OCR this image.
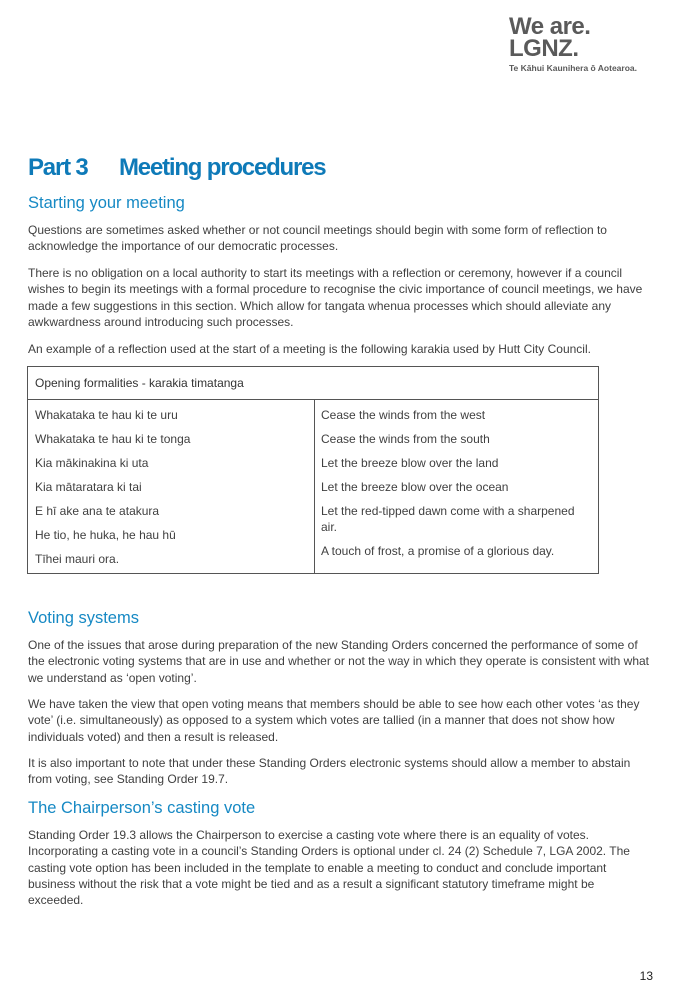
We are.
LGNZ.
Te Kāhui Kaunihera ō Aotearoa.
Part 3 Meeting procedures
Starting your meeting

Questions are sometimes asked whether or not council meetings should begin with some form of reflection to acknowledge the importance of our democratic processes.

There is no obligation on a local authority to start its meetings with a reflection or ceremony, however if a council wishes to begin its meetings with a formal procedure to recognise the civic importance of council meetings, we have made a few suggestions in this section. Which allow for tangata whenua processes which should alleviate any awkwardness around introducing such processes.

An example of a reflection used at the start of a meeting is the following karakia used by Hutt City Council.

Opening formalities - karakia timatanga
Whakataka te hau ki te uru
Whakataka te hau ki te tonga
Kia mākinakina ki uta
Kia mātaratara ki tai
E hī ake ana te atakura
He tio, he huka, he hau hū
Tīhei mauri ora.
Cease the winds from the west
Cease the winds from the south
Let the breeze blow over the land
Let the breeze blow over the ocean
Let the red-tipped dawn come with a sharpened air.
A touch of frost, a promise of a glorious day.
Voting systems

One of the issues that arose during preparation of the new Standing Orders concerned the performance of some of the electronic voting systems that are in use and whether or not the way in which they operate is consistent with what we understand as ‘open voting’.

We have taken the view that open voting means that members should be able to see how each other votes ‘as they vote’ (i.e. simultaneously) as opposed to a system which votes are tallied (in a manner that does not show how individuals voted) and then a result is released.

It is also important to note that under these Standing Orders electronic systems should allow a member to abstain from voting, see Standing Order 19.7.

The Chairperson’s casting vote

Standing Order 19.3 allows the Chairperson to exercise a casting vote where there is an equality of votes. Incorporating a casting vote in a council’s Standing Orders is optional under cl. 24 (2) Schedule 7, LGA 2002. The casting vote option has been included in the template to enable a meeting to conduct and conclude important business without the risk that a vote might be tied and as a result a significant statutory timeframe might be exceeded.

13
